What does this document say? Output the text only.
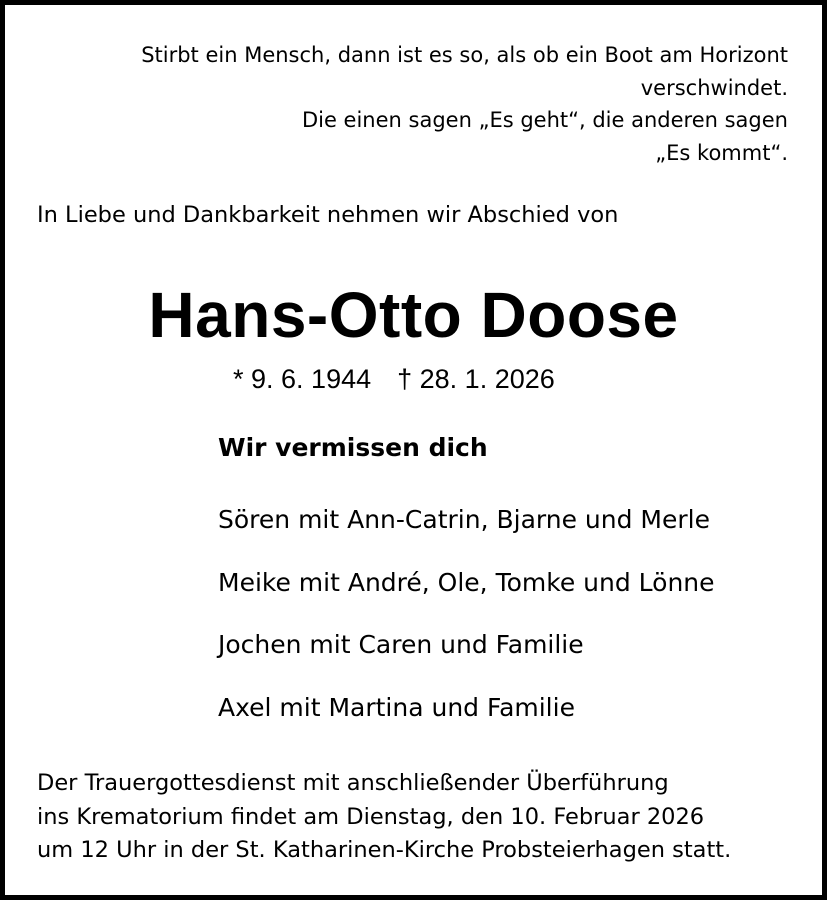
Stirbt ein Mensch, dann ist es so, als ob ein Boot am Horizont
verschwindet.
Die einen sagen „Es geht“, die anderen sagen
„Es kommt“.
In Liebe und Dankbarkeit nehmen wir Abschied von
Hans-Otto Doose
* 9. 6. 1944 † 28. 1. 2026
Wir vermissen dich
Sören mit Ann-Catrin, Bjarne und Merle
Meike mit André, Ole, Tomke und Lönne
Jochen mit Caren und Familie
Axel mit Martina und Familie
Der Trauergottesdienst mit anschließender Überführung
ins Krematorium findet am Dienstag, den 10. Februar 2026
um 12 Uhr in der St. Katharinen-Kirche Probsteierhagen statt.
